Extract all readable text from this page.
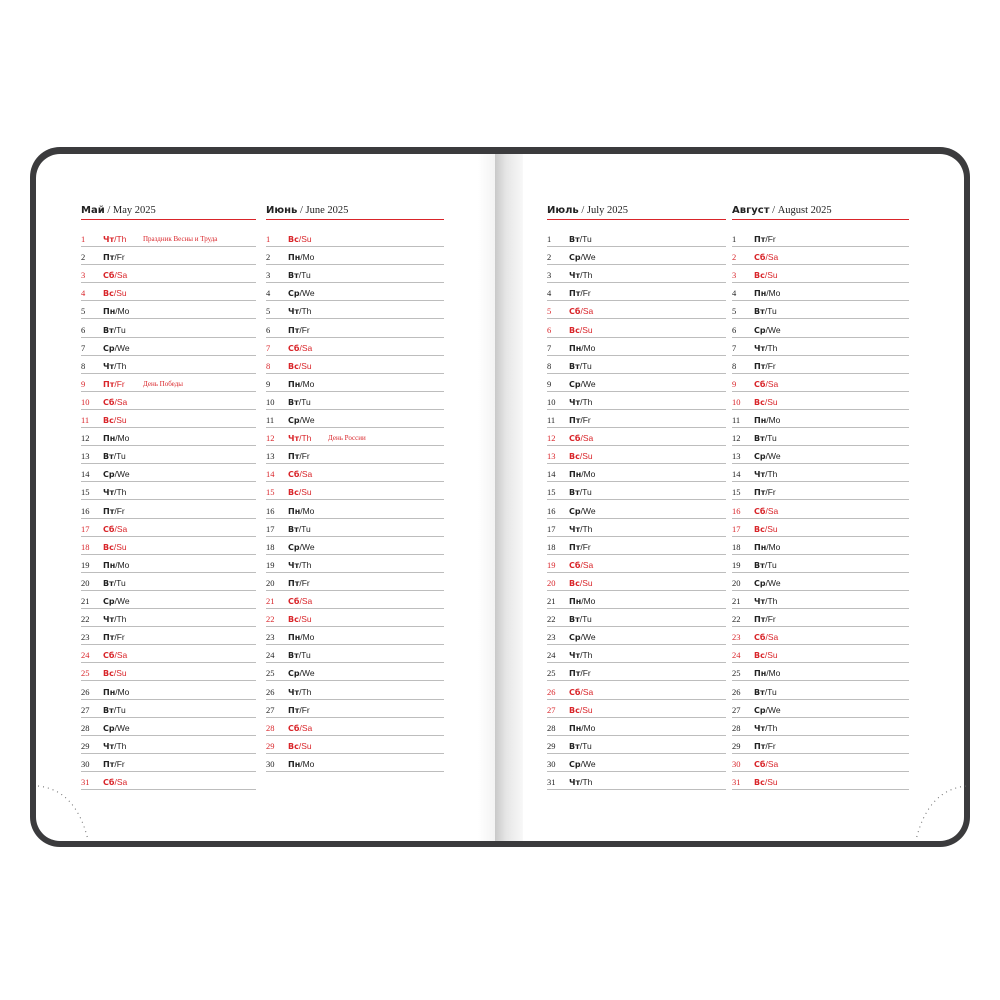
Май / May 2025
1 Чт/Th Праздник Весны и Труда
2 Пт/Fr
3 Сб/Sa
4 Вс/Su
5 Пн/Mo
6 Вт/Tu
7 Ср/We
8 Чт/Th
9 Пт/Fr	День Победы
10 Сб/Sa
11 Вс/Su
12 Пн/Mo
13 Вт/Tu
14 Ср/We
15 Чт/Th
16 Пт/Fr
17 Сб/Sa
18 Вс/Su
19 Пн/Mo
20 Вт/Tu
21 Ср/We
22 Чт/Th
23 Пт/Fr
24 Сб/Sa
25 Вс/Su
26 Пн/Mo
27 Вт/Tu
28 Ср/We
29 Чт/Th
30 Пт/Fr
31 Сб/Sa
Июнь / June 2025
1 Вс/Su
2 Пн/Mo
3 Вт/Tu
4 Ср/We
5 Чт/Th
6 Пт/Fr
7 Сб/Sa
8 Вс/Su
9 Пн/Mo
10 Вт/Tu
11 Ср/We
12 Чт/Th День России
13 Пт/Fr
14 Сб/Sa
15 Вс/Su
16 Пн/Mo
17 Вт/Tu
18 Ср/We
19 Чт/Th
20 Пт/Fr
21 Сб/Sa
22 Вс/Su
23 Пн/Mo
24 Вт/Tu
25 Ср/We
26 Чт/Th
27 Пт/Fr
28 Сб/Sa
29 Вс/Su
30 Пн/Mo
Июль / July 2025
1 Вт/Tu
2 Ср/We
3 Чт/Th
4 Пт/Fr
5 Сб/Sa
6 Вс/Su
7 Пн/Mo
8 Вт/Tu
9 Ср/We
10 Чт/Th
11 Пт/Fr
12 Сб/Sa
13 Вс/Su
14 Пн/Mo
15 Вт/Tu
16 Ср/We
17 Чт/Th
18 Пт/Fr
19 Сб/Sa
20 Вс/Su
21 Пн/Mo
22 Вт/Tu
23 Ср/We
24 Чт/Th
25 Пт/Fr
26 Сб/Sa
27 Вс/Su
28 Пн/Mo
29 Вт/Tu
30 Ср/We
31 Чт/Th
Август / August 2025
1 Пт/Fr
2 Сб/Sa
3 Вс/Su
4 Пн/Mo
5 Вт/Tu
6 Ср/We
7 Чт/Th
8 Пт/Fr
9 Сб/Sa
10 Вс/Su
11 Пн/Mo
12 Вт/Tu
13 Ср/We
14 Чт/Th
15 Пт/Fr
16 Сб/Sa
17 Вс/Su
18 Пн/Mo
19 Вт/Tu
20 Ср/We
21 Чт/Th
22 Пт/Fr
23 Сб/Sa
24 Вс/Su
25 Пн/Mo
26 Вт/Tu
27 Ср/We
28 Чт/Th
29 Пт/Fr
30 Сб/Sa
31 Вс/Su
